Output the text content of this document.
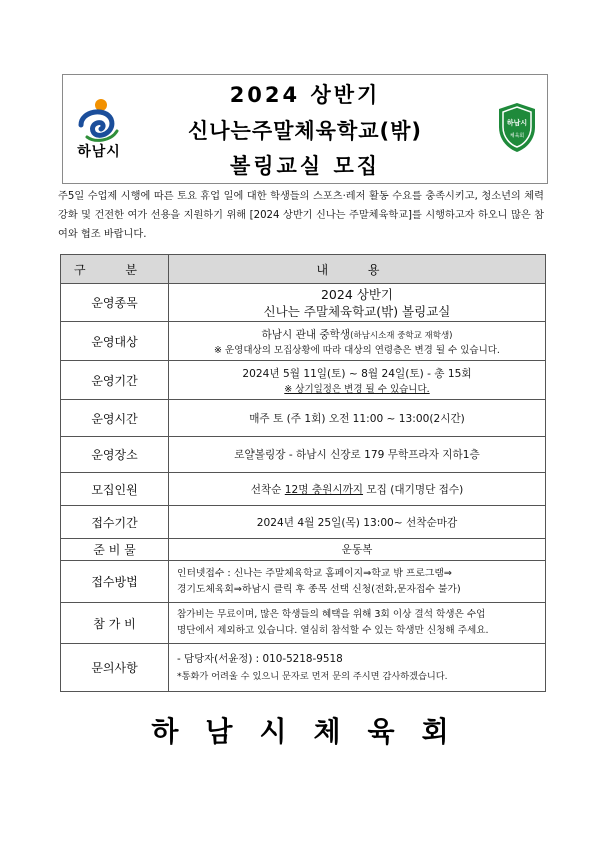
하남시
2024 상반기
신나는주말체육학교(밖)
볼링교실 모집
하남시
체육회
주5일 수업제 시행에 따른 토요 휴업 일에 대한 학생들의 스포츠·레저 활동 수요를 충족시키고, 청소년의 체력 강화 및 건전한 여가 선용을 지원하기 위해 [2024 상반기 신나는 주말체육학교]를 시행하고자 하오니 많은 참여와 협조 바랍니다.
구 분	내 용
운영종목	2024 상반기
신나는 주말체육학교(밖) 볼링교실

운영대상	하남시 관내 중학생(하남시소재 중학교 재학생)
※ 운영대상의 모집상황에 따라 대상의 연령층은 변경 될 수 있습니다.

운영기간	2024년 5월 11일(토) ~ 8월 24일(토) - 총 15회
※ 상기일정은 변경 될 수 있습니다.

운영시간	매주 토 (주 1회) 오전 11:00 ~ 13:00(2시간)
운영장소	로얄볼링장 - 하남시 신장로 179 무학프라자 지하1층
모집인원	선착순 12명 충원시까지 모집 (대기명단 접수)
접수기간	2024년 4월 25일(목) 13:00~ 선착순마감
준 비 물	운동복
접수방법	인터넷접수 : 신나는 주말체육학교 홈페이지⇒학교 밖 프로그램⇒
경기도체육회⇒하남시 클릭 후 종목 선택 신청(전화,문자접수 불가)

참 가 비	참가비는 무료이며, 많은 학생들의 혜택을 위해 3회 이상 결석 학생은 수업
명단에서 제외하고 있습니다. 열심히 참석할 수 있는 학생만 신청해 주세요.

문의사항	- 담당자(서윤정) : 010-5218-9518
*통화가 어려울 수 있으니 문자로 먼저 문의 주시면 감사하겠습니다.
하남시체육회
